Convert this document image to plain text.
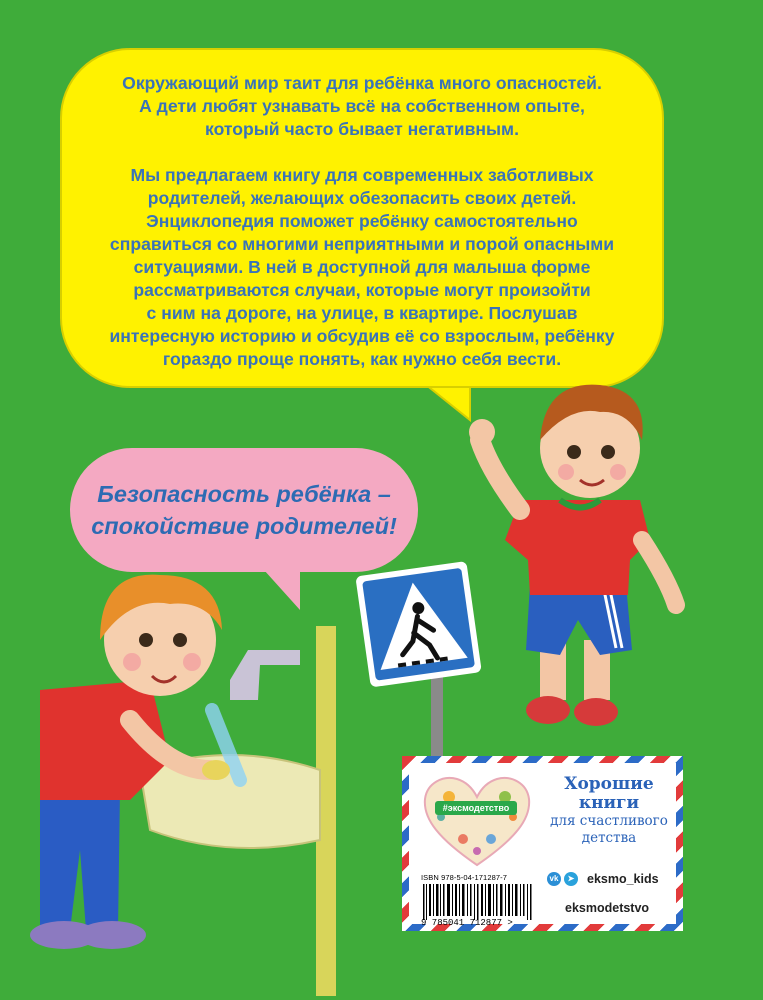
Окружающий мир таит для ребёнка много опасностей.
А дети любят узнавать всё на собственном опыте,
который часто бывает негативным.

Мы предлагаем книгу для современных заботливых
родителей, желающих обезопасить своих детей.
Энциклопедия поможет ребёнку самостоятельно
справиться со многими неприятными и порой опасными
ситуациями. В ней в доступной для малыша форме
рассматриваются случаи, которые могут произойти
с ним на дороге, на улице, в квартире. Послушав
интересную историю и обсудив её со взрослым, ребёнку
гораздо проще понять, как нужно себя вести.

Безопасность ребёнка –
спокойствие родителей!
#эксмодетство
Хорошие
книги
для счастливого
детства
ISBN 978-5-04-171287-7
9 785041 712877 >
vk	➤ eksmo_kids
eksmodetstvo
